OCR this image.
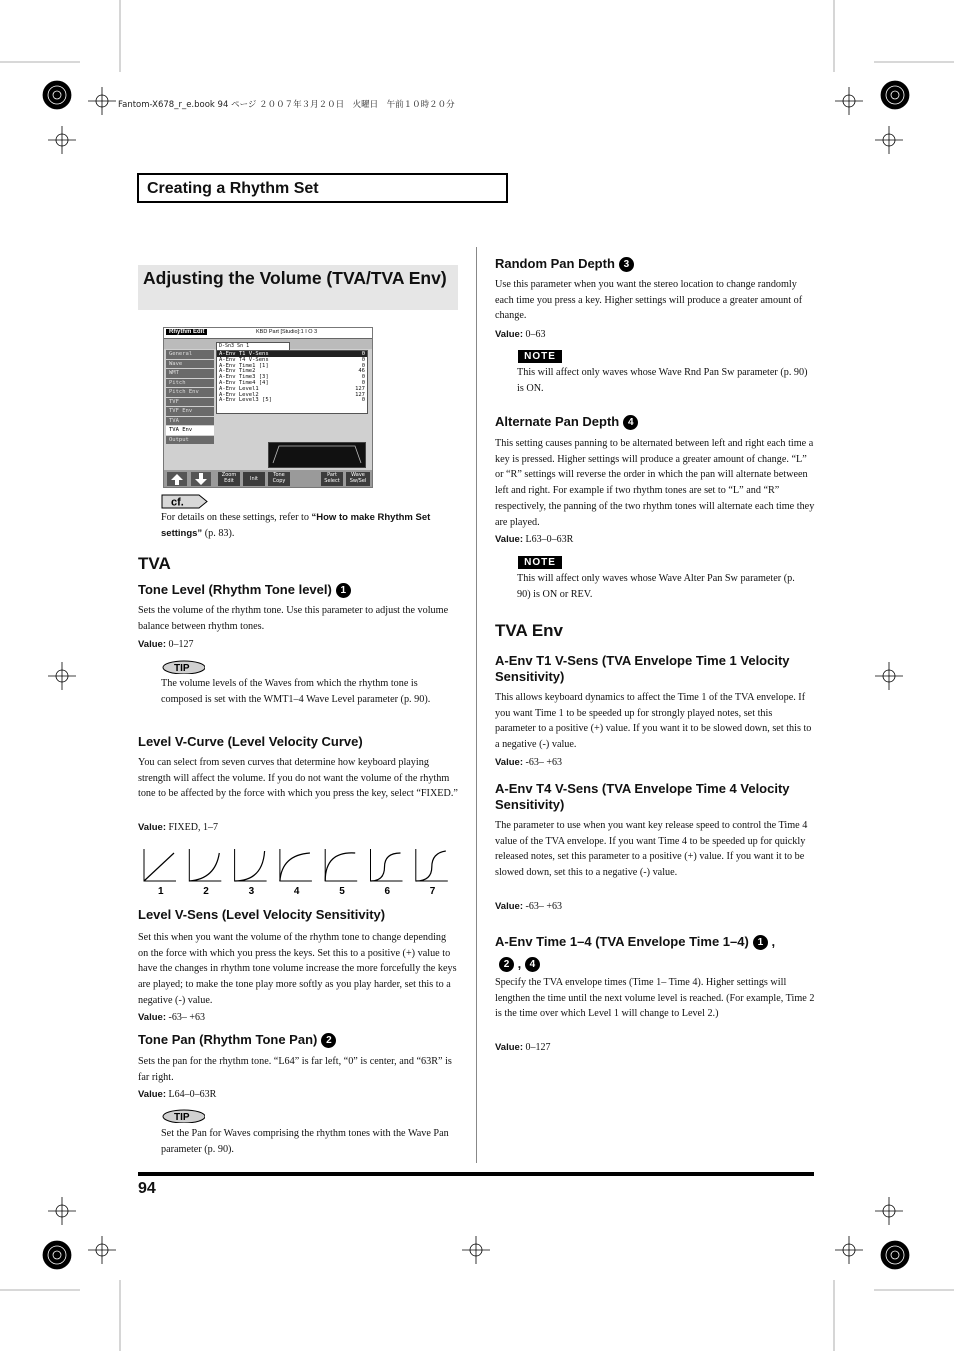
Fantom-X678_r_e.book 94 ページ ２００７年３月２０日　火曜日　午前１０時２０分
Creating a Rhythm Set
Adjusting the Volume (TVA/TVA Env)
Rhythm Edit	KBD Part [Studio]:1 I O 3
General
Wave
WMT
Pitch
Pitch Env
TVF
TVF Env
TVA
TVA Env
Output
D-Sn3 Sn 1
A-Env T1 V-Sens	0
A-Env T4 V-Sens	0
A-Env Time1 [1]	0
A-Env Time2	46
A-Env Time3 [3]	0
A-Env Time4 [4]	0
A-Env Level1	127
A-Env Level2	127
A-Env Level3 [5]	0
Zoom Edit	Init
Tone Copy
Part Select
Wave Sw/Sel
cf.
For details on these settings, refer to “How to make Rhythm Set settings” (p. 83).
TVA
Tone Level (Rhythm Tone level) 1
Sets the volume of the rhythm tone. Use this parameter to adjust the volume balance between rhythm tones.
Value: 0–127
TIP
The volume levels of the Waves from which the rhythm tone is composed is set with the WMT1–4 Wave Level parameter (p. 90).
Level V-Curve (Level Velocity Curve)
You can select from seven curves that determine how keyboard playing strength will affect the volume. If you do not want the volume of the rhythm tone to be affected by the force with which you press the key, select “FIXED.”
Value: FIXED, 1–7
1	2	3	4	5	6	7
Level V-Sens (Level Velocity Sensitivity)
Set this when you want the volume of the rhythm tone to change depending on the force with which you press the keys. Set this to a positive (+) value to have the changes in rhythm tone volume increase the more forcefully the keys are played; to make the tone play more softly as you play harder, set this to a negative (-) value.
Value: -63– +63
Tone Pan (Rhythm Tone Pan) 2
Sets the pan for the rhythm tone. “L64” is far left, “0” is center, and “63R” is far right.
Value: L64–0–63R
TIP
Set the Pan for Waves comprising the rhythm tones with the Wave Pan parameter (p. 90).
Random Pan Depth 3
Use this parameter when you want the stereo location to change randomly each time you press a key. Higher settings will produce a greater amount of change.
Value: 0–63
NOTE
This will affect only waves whose Wave Rnd Pan Sw parameter (p. 90) is ON.
Alternate Pan Depth 4
This setting causes panning to be alternated between left and right each time a key is pressed. Higher settings will produce a greater amount of change. “L” or “R” settings will reverse the order in which the pan will alternate between left and right. For example if two rhythm tones are set to “L” and “R” respectively, the panning of the two rhythm tones will alternate each time they are played.
Value: L63–0–63R
NOTE
This will affect only waves whose Wave Alter Pan Sw parameter (p. 90) is ON or REV.
TVA Env
A-Env T1 V-Sens (TVA Envelope Time 1 Velocity Sensitivity)
This allows keyboard dynamics to affect the Time 1 of the TVA envelope. If you want Time 1 to be speeded up for strongly played notes, set this parameter to a positive (+) value. If you want it to be slowed down, set this to a negative (-) value.
Value: -63– +63
A-Env T4 V-Sens (TVA Envelope Time 4 Velocity Sensitivity)
The parameter to use when you want key release speed to control the Time 4 value of the TVA envelope. If you want Time 4 to be speeded up for quickly released notes, set this parameter to a positive (+) value. If you want it to be slowed down, set this to a negative (-) value.
Value: -63– +63
A-Env Time 1–4 (TVA Envelope Time 1–4) 1 ,
2 , 4
Specify the TVA envelope times (Time 1– Time 4). Higher settings will lengthen the time until the next volume level is reached. (For example, Time 2 is the time over which Level 1 will change to Level 2.)
Value: 0–127
94
